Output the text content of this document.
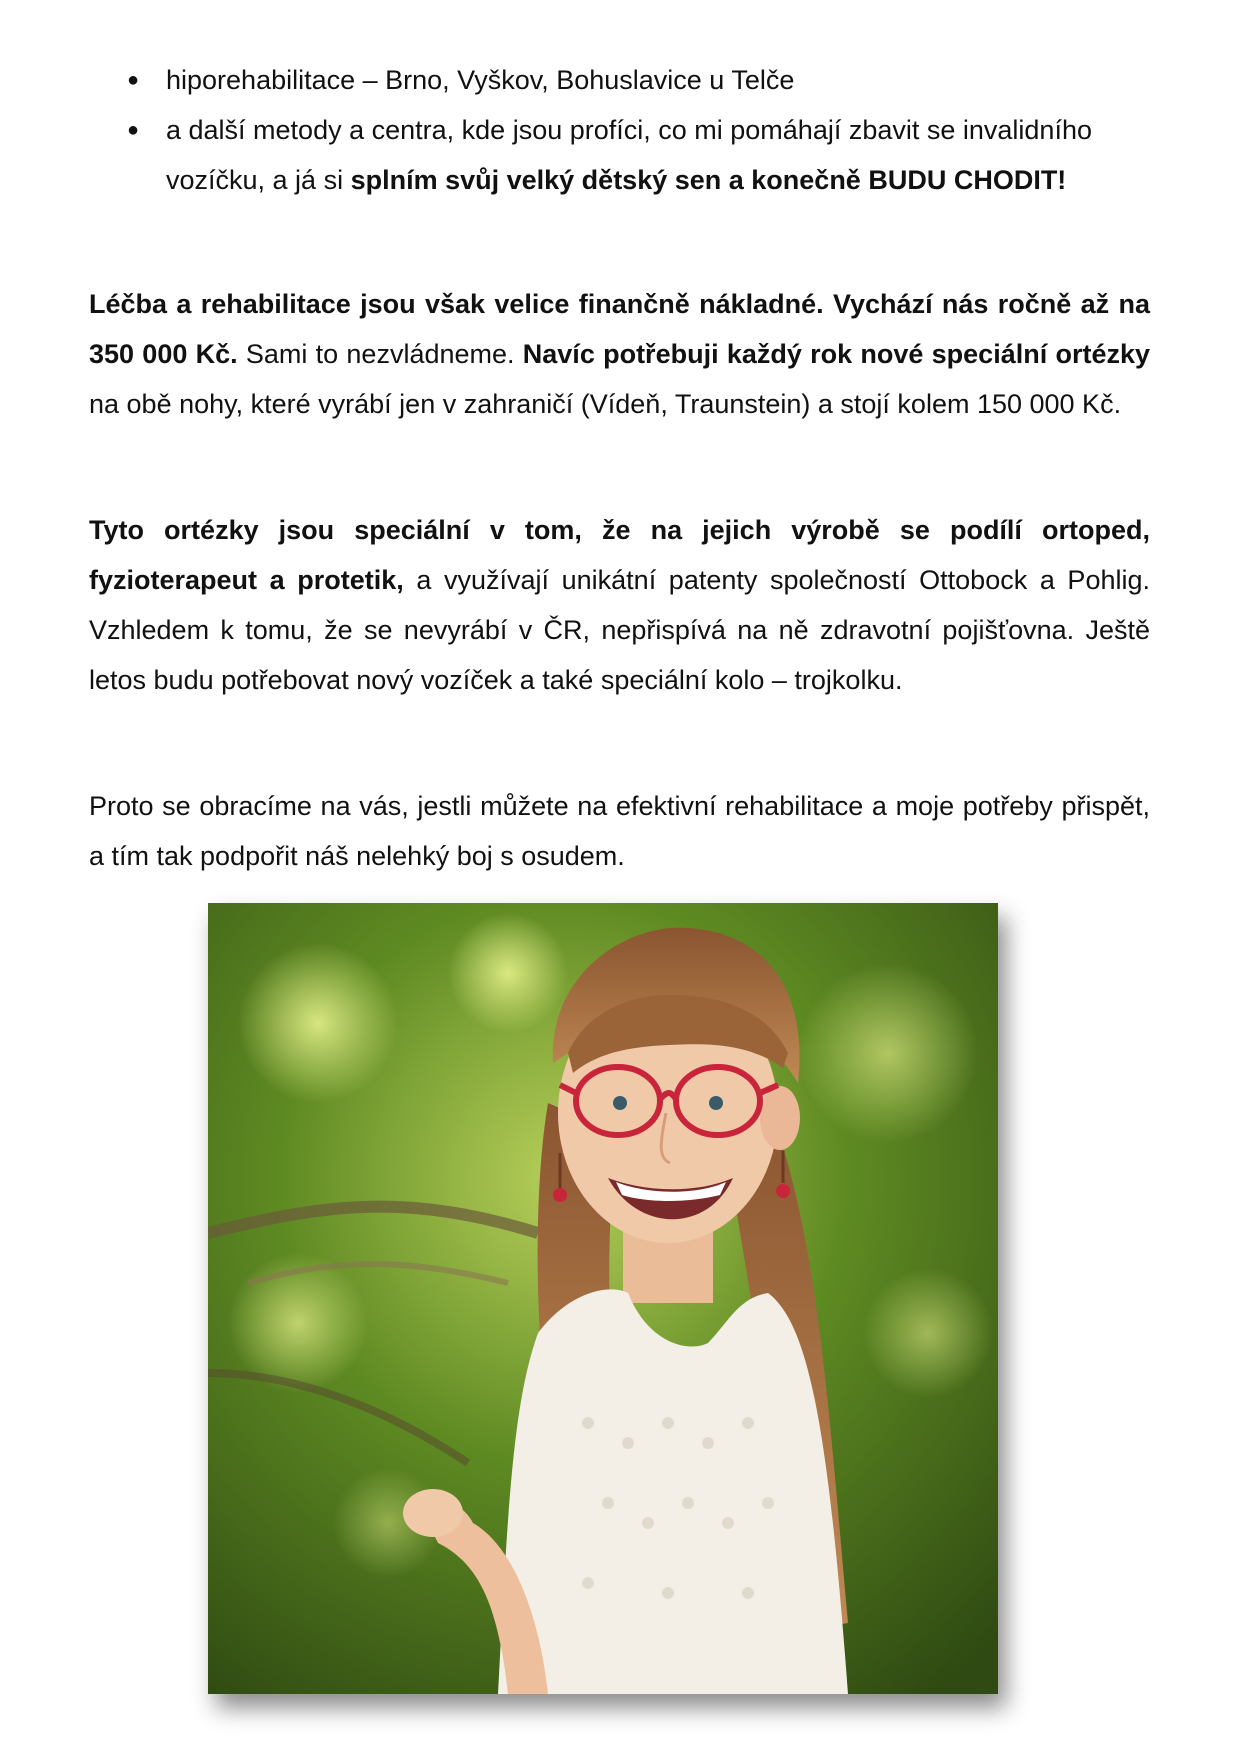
● hiporehabilitace – Brno, Vyškov, Bohuslavice u Telče
● a další metody a centra, kde jsou profíci, co mi pomáhají zbavit se invalidního vozíčku, a já si splním svůj velký dětský sen a konečně BUDU CHODIT!

Léčba a rehabilitace jsou však velice finančně nákladné. Vychází nás ročně až na 350 000 Kč. Sami to nezvládneme. Navíc potřebuji každý rok nové speciální ortézky na obě nohy, které vyrábí jen v zahraničí (Vídeň, Traunstein) a stojí kolem 150 000 Kč.

Tyto ortézky jsou speciální v tom, že na jejich výrobě se podílí ortoped, fyzioterapeut a protetik, a využívají unikátní patenty společností Ottobock a Pohlig. Vzhledem k tomu, že se nevyrábí v ČR, nepřispívá na ně zdravotní pojišťovna. Ještě letos budu potřebovat nový vozíček a také speciální kolo – trojkolku.

Proto se obracíme na vás, jestli můžete na efektivní rehabilitace a moje potřeby přispět, a tím tak podpořit náš nelehký boj s osudem.
